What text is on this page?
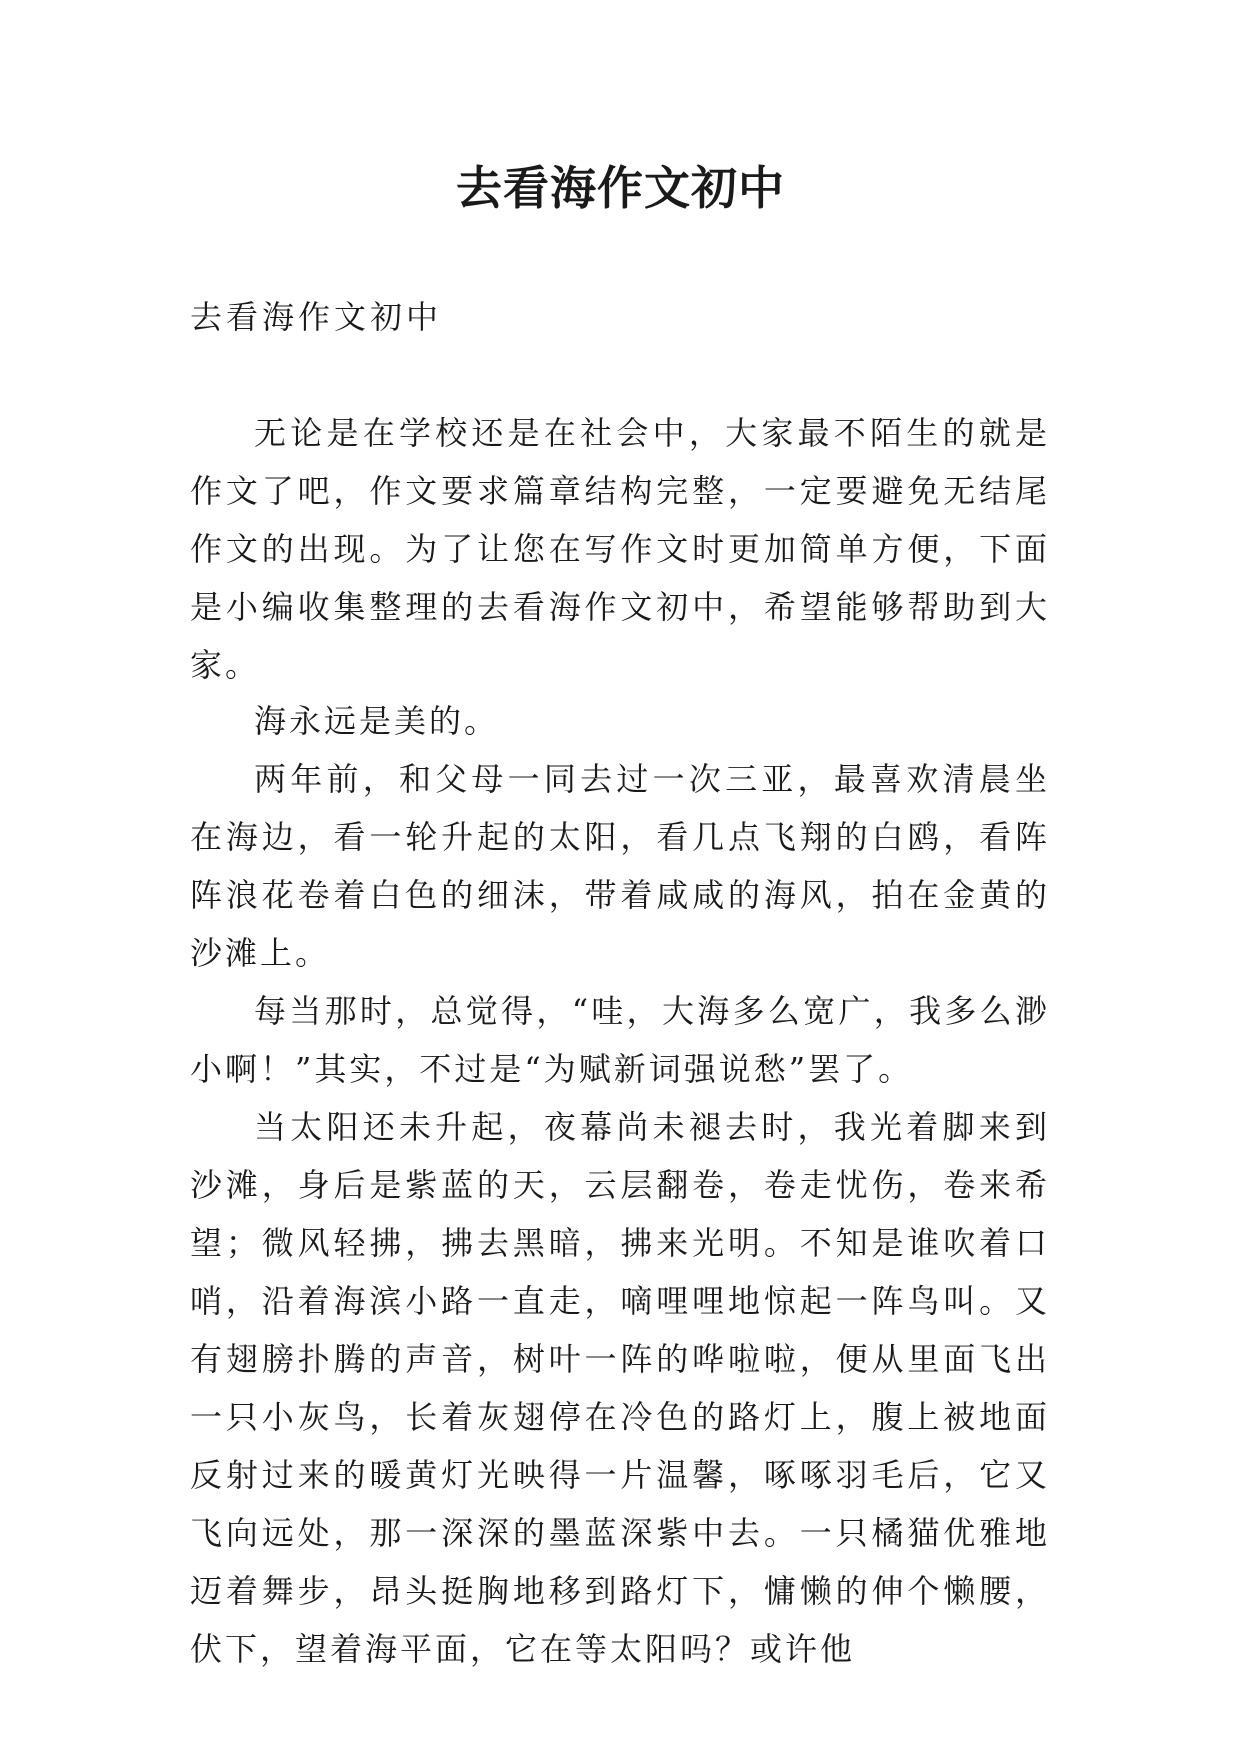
去看海作文初中

去看海作文初中

无论是在学校还是在社会中，大家最不陌生的就是作文了吧，作文要求篇章结构完整，一定要避免无结尾作文的出现。为了让您在写作文时更加简单方便，下面是小编收集整理的去看海作文初中，希望能够帮助到大家。

海永远是美的。

两年前，和父母一同去过一次三亚，最喜欢清晨坐在海边，看一轮升起的太阳，看几点飞翔的白鸥，看阵阵浪花卷着白色的细沫，带着咸咸的海风，拍在金黄的沙滩上。

每当那时，总觉得，“哇，大海多么宽广，我多么渺小啊！”其实，不过是“为赋新词强说愁”罢了。

当太阳还未升起，夜幕尚未褪去时，我光着脚来到沙滩，身后是紫蓝的天，云层翻卷，卷走忧伤，卷来希望；微风轻拂，拂去黑暗，拂来光明。不知是谁吹着口哨，沿着海滨小路一直走，嘀哩哩地惊起一阵鸟叫。又有翅膀扑腾的声音，树叶一阵的哗啦啦，便从里面飞出一只小灰鸟，长着灰翅停在冷色的路灯上，腹上被地面反射过来的暖黄灯光映得一片温馨，啄啄羽毛后，它又飞向远处，那一深深的墨蓝深紫中去。一只橘猫优雅地迈着舞步，昂头挺胸地移到路灯下，慵懒的伸个懒腰，伏下，望着海平面，它在等太阳吗？或许他
